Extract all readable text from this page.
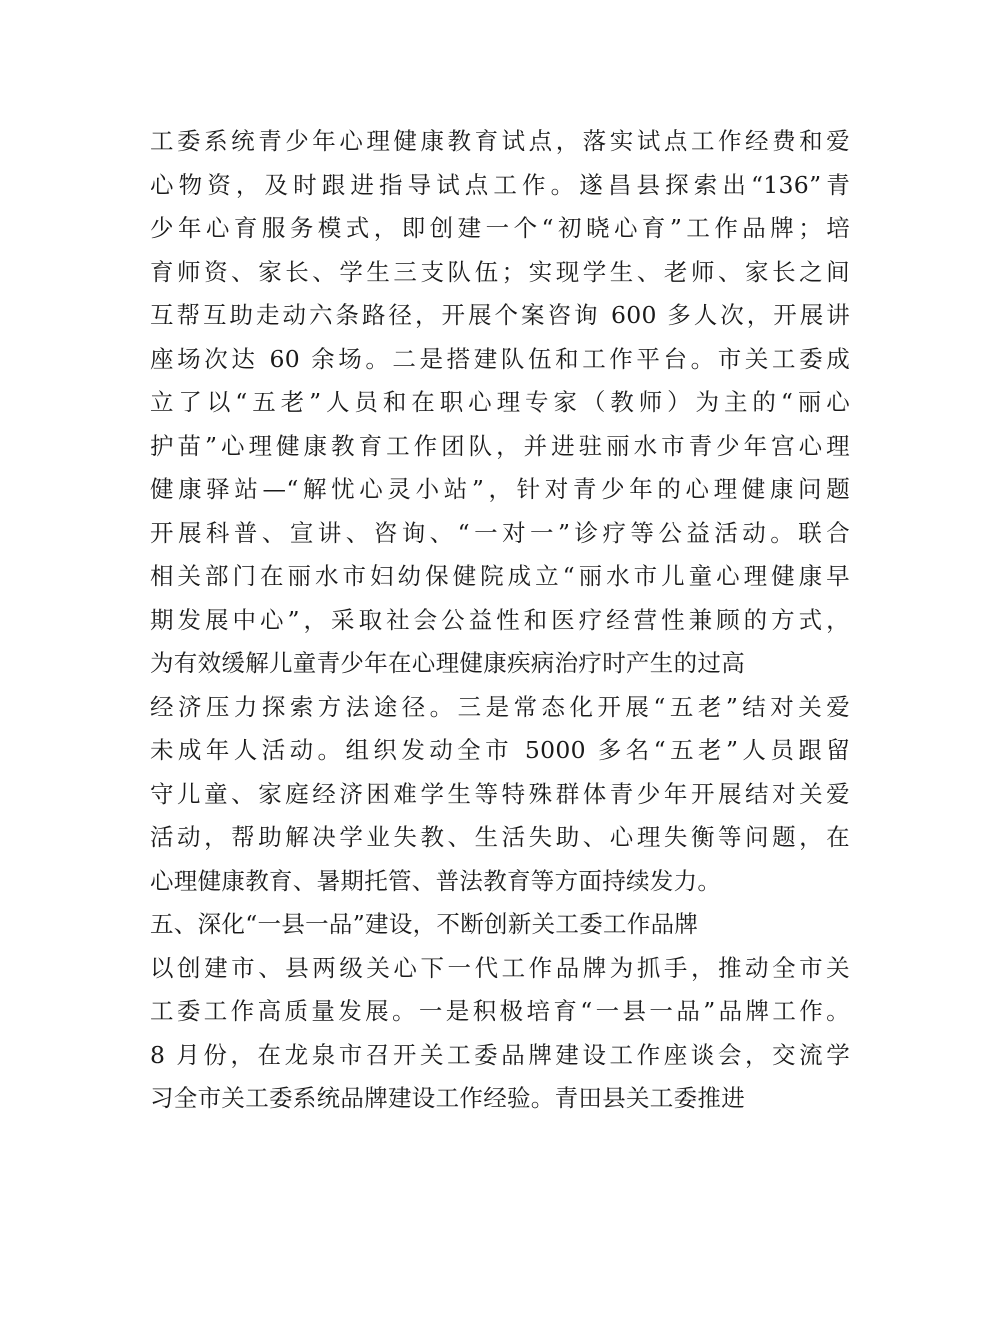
工委系统青少年心理健康教育试点，落实试点工作经费和爱
心物资，及时跟进指导试点工作。遂昌县探索出“136”青
少年心育服务模式，即创建一个“初晓心育”工作品牌；培
育师资、家长、学生三支队伍；实现学生、老师、家长之间
互帮互助走动六条路径，开展个案咨询 600 多人次，开展讲
座场次达 60 余场。二是搭建队伍和工作平台。市关工委成
立了以“五老”人员和在职心理专家（教师）为主的“丽心
护苗”心理健康教育工作团队，并进驻丽水市青少年宫心理
健康驿站—“解忧心灵小站”，针对青少年的心理健康问题
开展科普、宣讲、咨询、“一对一”诊疗等公益活动。联合
相关部门在丽水市妇幼保健院成立“丽水市儿童心理健康早
期发展中心”，采取社会公益性和医疗经营性兼顾的方式，
为有效缓解儿童青少年在心理健康疾病治疗时产生的过高
经济压力探索方法途径。三是常态化开展“五老”结对关爱
未成年人活动。组织发动全市 5000 多名“五老”人员跟留
守儿童、家庭经济困难学生等特殊群体青少年开展结对关爱
活动，帮助解决学业失教、生活失助、心理失衡等问题，在
心理健康教育、暑期托管、普法教育等方面持续发力。
五、深化“一县一品”建设，不断创新关工委工作品牌
以创建市、县两级关心下一代工作品牌为抓手，推动全市关
工委工作高质量发展。一是积极培育“一县一品”品牌工作。
8 月份，在龙泉市召开关工委品牌建设工作座谈会，交流学
习全市关工委系统品牌建设工作经验。青田县关工委推进
